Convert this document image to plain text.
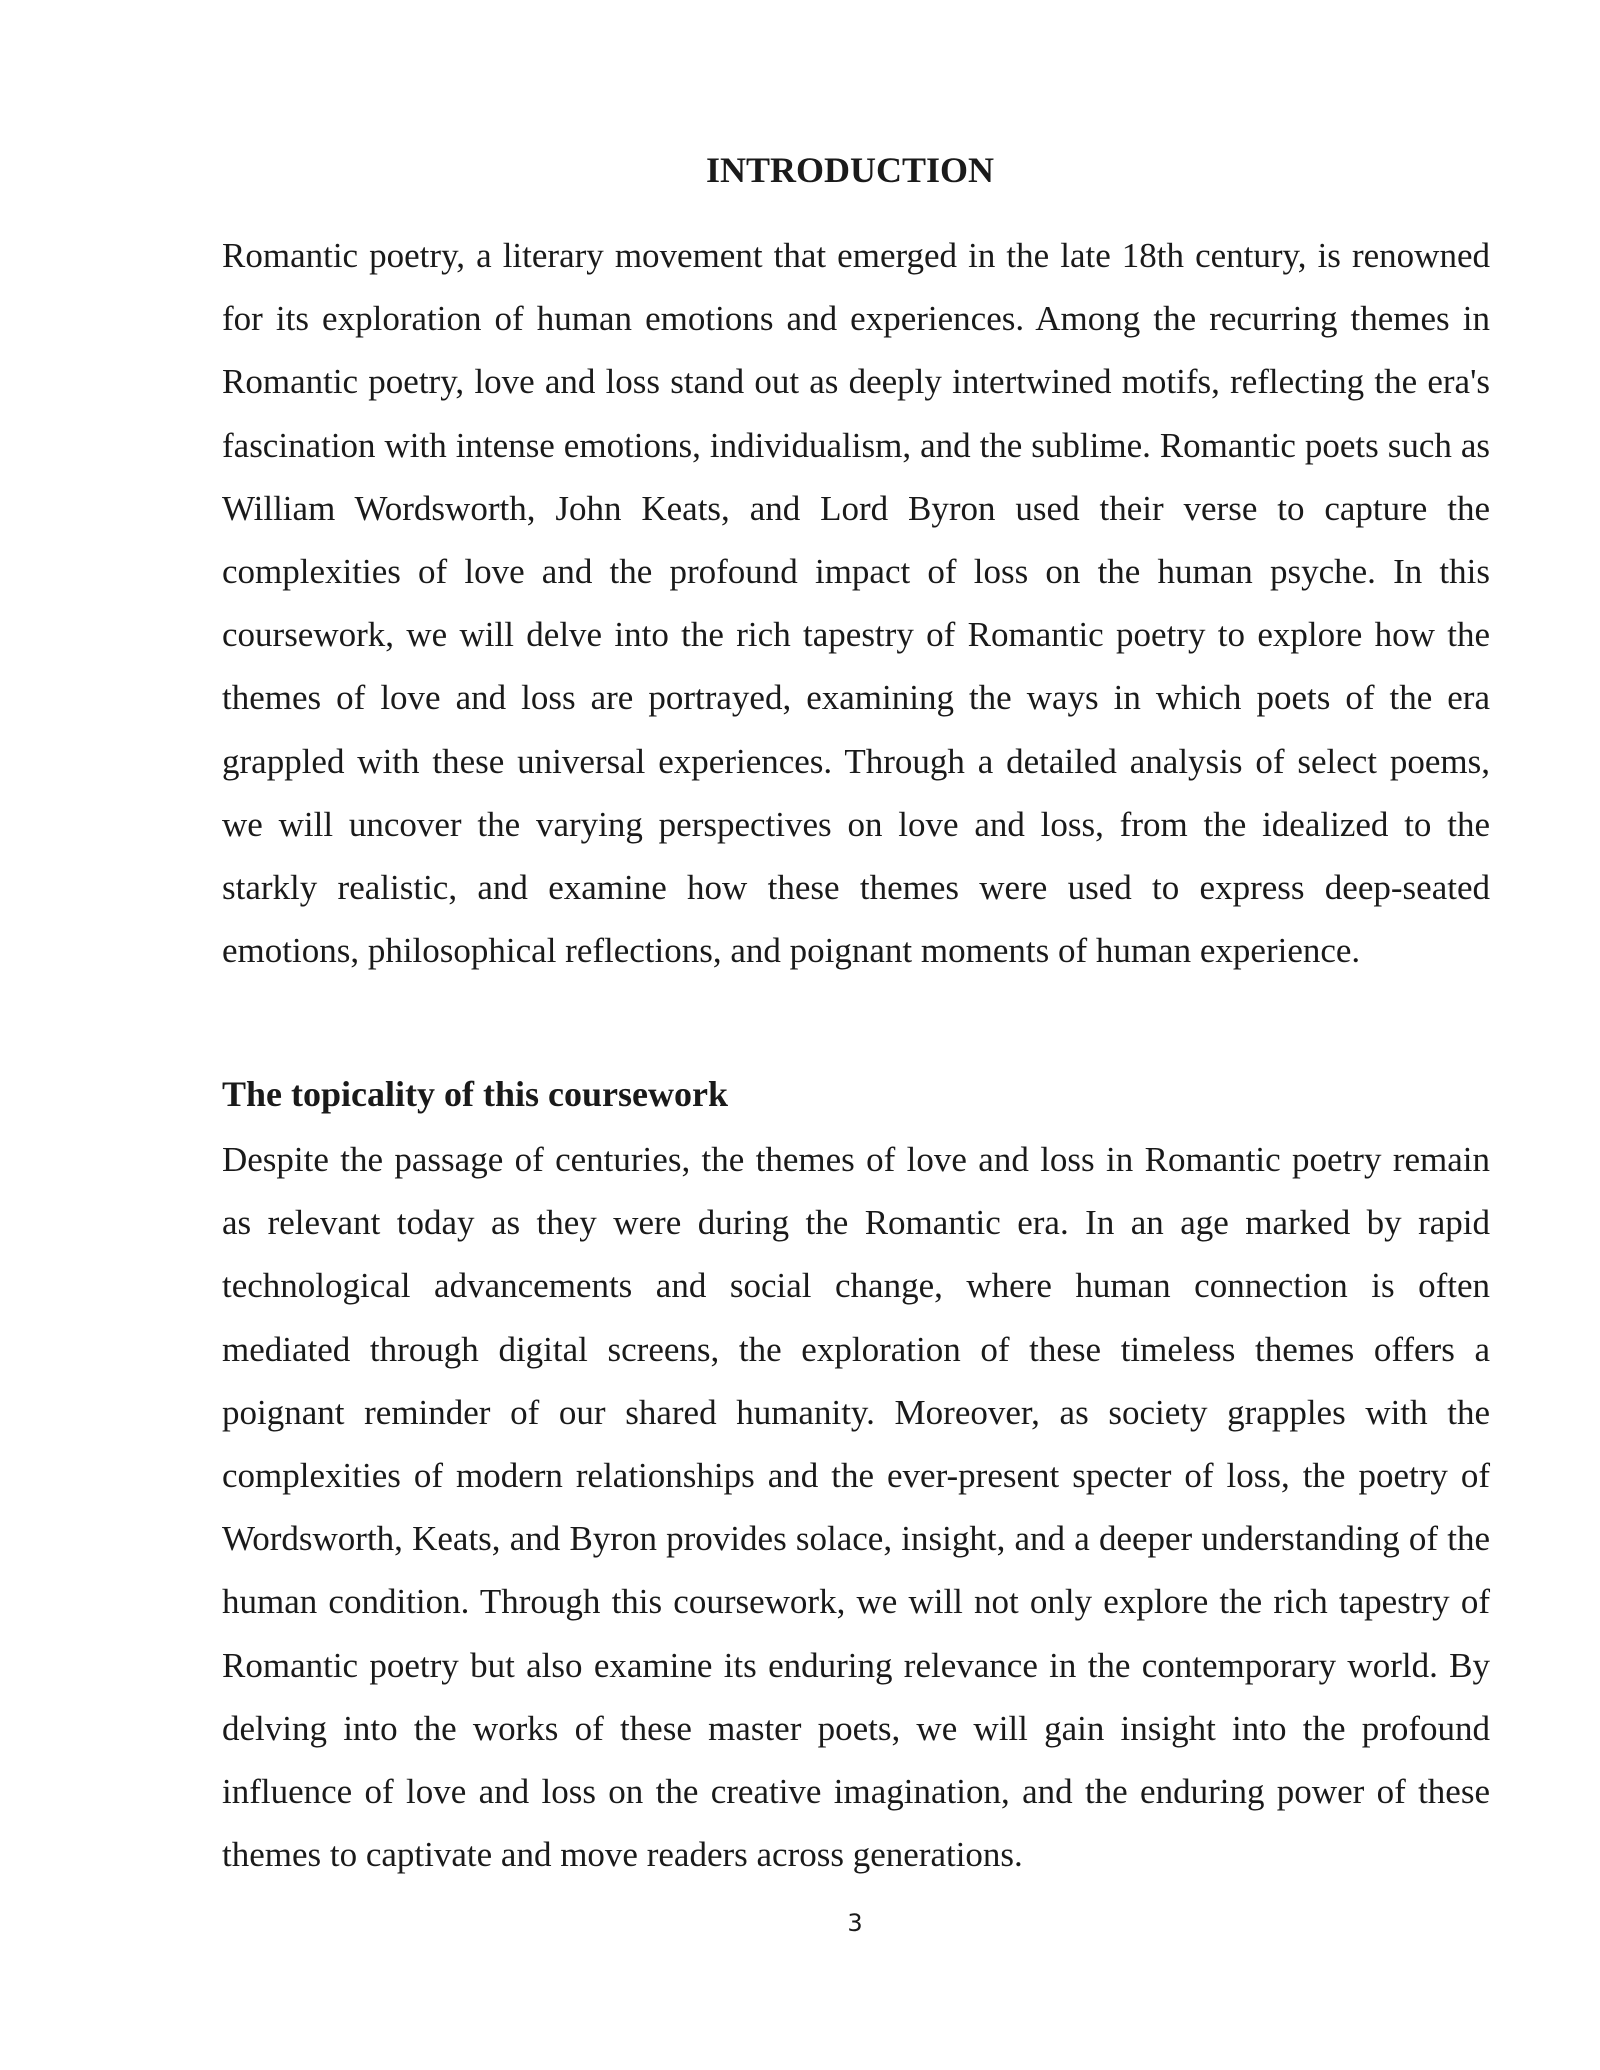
INTRODUCTION

Romantic poetry, a literary movement that emerged in the late 18th century, is renowned for its exploration of human emotions and experiences. Among the recurring themes in Romantic poetry, love and loss stand out as deeply intertwined motifs, reflecting the era's fascination with intense emotions, individualism, and the sublime. Romantic poets such as William Wordsworth, John Keats, and Lord Byron used their verse to capture the complexities of love and the profound impact of loss on the human psyche. In this coursework, we will delve into the rich tapestry of Romantic poetry to explore how the themes of love and loss are portrayed, examining the ways in which poets of the era grappled with these universal experiences. Through a detailed analysis of select poems, we will uncover the varying perspectives on love and loss, from the idealized to the starkly realistic, and examine how these themes were used to express deep-seated emotions, philosophical reflections, and poignant moments of human experience.

The topicality of this coursework

Despite the passage of centuries, the themes of love and loss in Romantic poetry remain as relevant today as they were during the Romantic era. In an age marked by rapid technological advancements and social change, where human connection is often mediated through digital screens, the exploration of these timeless themes offers a poignant reminder of our shared humanity. Moreover, as society grapples with the complexities of modern relationships and the ever-present specter of loss, the poetry of Wordsworth, Keats, and Byron provides solace, insight, and a deeper understanding of the human condition. Through this coursework, we will not only explore the rich tapestry of Romantic poetry but also examine its enduring relevance in the contemporary world. By delving into the works of these master poets, we will gain insight into the profound influence of love and loss on the creative imagination, and the enduring power of these themes to captivate and move readers across generations.

3
